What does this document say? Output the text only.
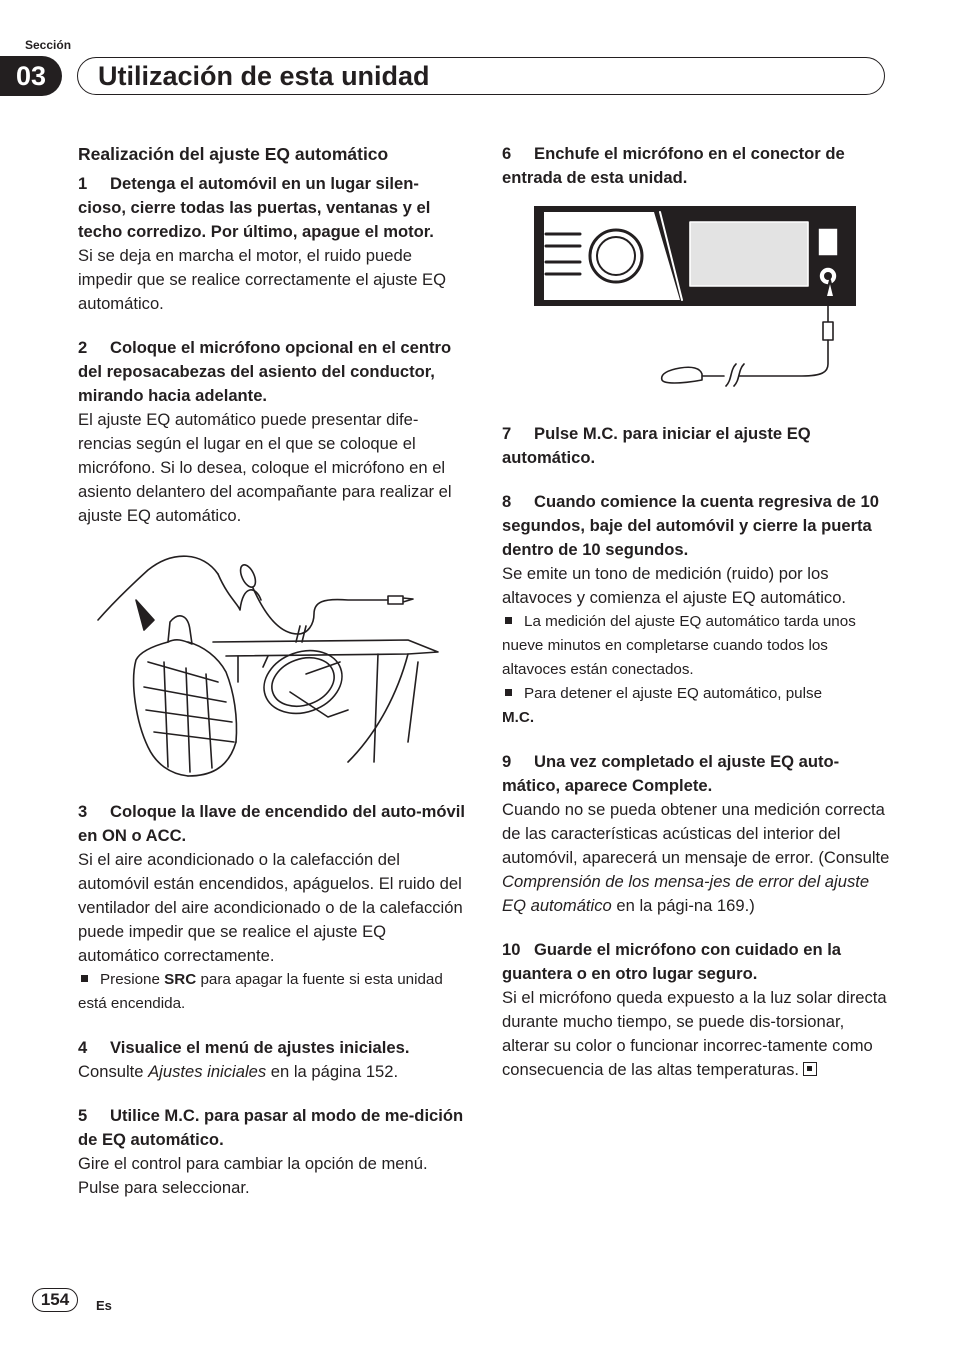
Sección
03	Utilización de esta unidad

Realización del ajuste EQ automático

1 Detenga el automóvil en un lugar silen-cioso, cierre todas las puertas, ventanas y el techo corredizo. Por último, apague el motor.

Si se deja en marcha el motor, el ruido puede impedir que se realice correctamente el ajuste EQ automático.

2 Coloque el micrófono opcional en el centro del reposacabezas del asiento del conductor, mirando hacia adelante.

El ajuste EQ automático puede presentar dife-rencias según el lugar en el que se coloque el micrófono. Si lo desea, coloque el micrófono en el asiento delantero del acompañante para realizar el ajuste EQ automático.

3 Coloque la llave de encendido del auto-móvil en ON o ACC.

Si el aire acondicionado o la calefacción del automóvil están encendidos, apáguelos. El ruido del ventilador del aire acondicionado o de la calefacción puede impedir que se realice el ajuste EQ automático correctamente.

Presione SRC para apagar la fuente si esta unidad está encendida.

4 Visualice el menú de ajustes iniciales.

Consulte Ajustes iniciales en la página 152.

5 Utilice M.C. para pasar al modo de me-dición de EQ automático.

Gire el control para cambiar la opción de menú. Pulse para seleccionar.

6 Enchufe el micrófono en el conector de entrada de esta unidad.

7 Pulse M.C. para iniciar el ajuste EQ automático.

8 Cuando comience la cuenta regresiva de 10 segundos, baje del automóvil y cierre la puerta dentro de 10 segundos.

Se emite un tono de medición (ruido) por los altavoces y comienza el ajuste EQ automático.

La medición del ajuste EQ automático tarda unos nueve minutos en completarse cuando todos los altavoces están conectados.

Para detener el ajuste EQ automático, pulse
M.C.

9 Una vez completado el ajuste EQ auto-mático, aparece Complete.

Cuando no se pueda obtener una medición correcta de las características acústicas del interior del automóvil, aparecerá un mensaje de error. (Consulte Comprensión de los mensa-jes de error del ajuste EQ automático en la pági-na 169.)

10 Guarde el micrófono con cuidado en la guantera o en otro lugar seguro.

Si el micrófono queda expuesto a la luz solar directa durante mucho tiempo, se puede dis-torsionar, alterar su color o funcionar incorrec-tamente como consecuencia de las altas temperaturas.

154	Es
